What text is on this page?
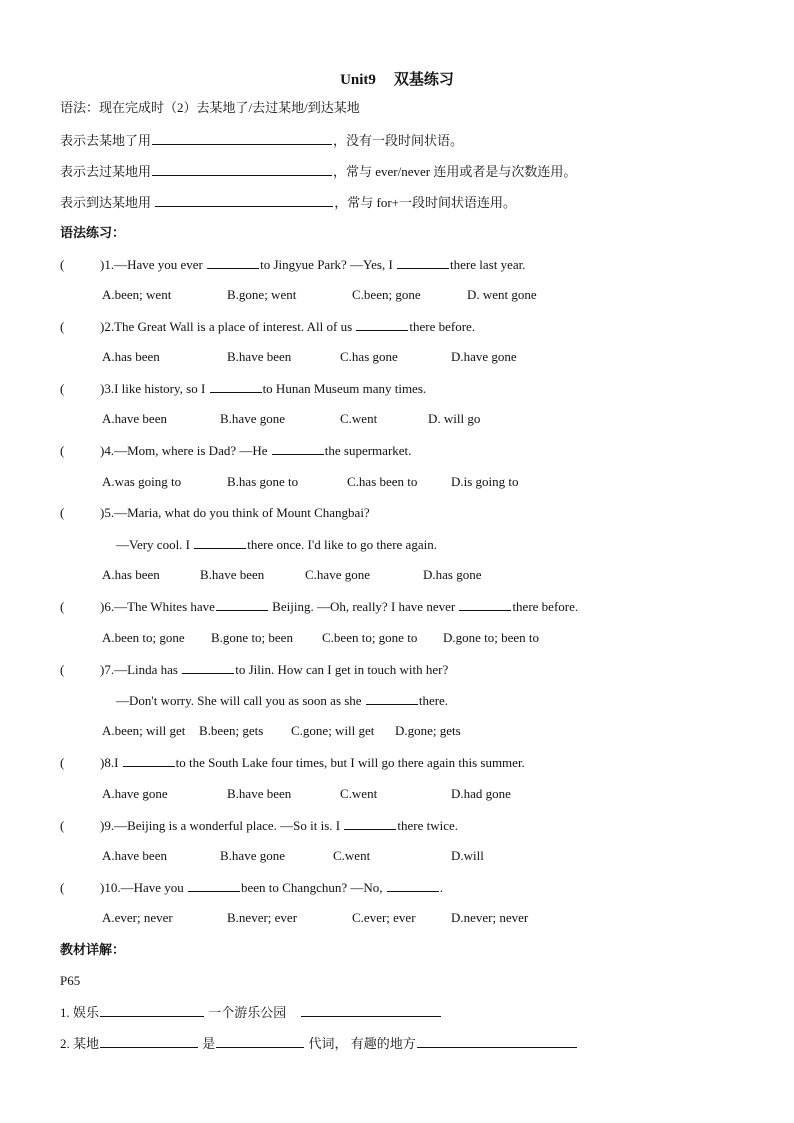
Unit9 双基练习
语法：现在完成时（2）去某地了/去过某地/到达某地
表示去某地了用	，没有一段时间状语。
表示去过某地用	，常与 ever/never 连用或者是与次数连用。
表示到达某地用	，常与 for+一段时间状语连用。
语法练习：
(	)1.—Have you ever	to Jingyue Park? —Yes, I	there last year.
A.been; went	B.gone; went	C.been; gone	D. went gone
(	)2.The Great Wall is a place of interest. All of us	there before.
A.has been	B.have been	C.has gone	D.have gone
(	)3.I like history, so I	to Hunan Museum many times.
A.have been	B.have gone	C.went	D. will go
(	)4.—Mom, where is Dad? —He	the supermarket.
A.was going to	B.has gone to	C.has been to	D.is going to
(	)5.—Maria, what do you think of Mount Changbai?
—Very cool. I	there once. I'd like to go there again.
A.has been	B.have been	C.have gone	D.has gone
(	)6.—The Whites have	Beijing. —Oh, really? I have never	there before.
A.been to; gone B.gone to; been C.been to; gone to D.gone to; been to
(	)7.—Linda has	to Jilin. How can I get in touch with her?
—Don't worry. She will call you as soon as she	there.
A.been; will get B.been; gets C.gone; will get D.gone; gets
(	)8.I	to the South Lake four times, but I will go there again this summer.
A.have gone	B.have been	C.went	D.had gone
(	)9.—Beijing is a wonderful place. —So it is. I	there twice.
A.have been	B.have gone	C.went	D.will
(	)10.—Have you	been to Changchun? —No,	.
A.ever; never	B.never; ever	C.ever; ever	D.never; never
教材详解：
P65
1. 娱乐	一个游乐公园
2. 某地	是	代词， 有趣的地方
